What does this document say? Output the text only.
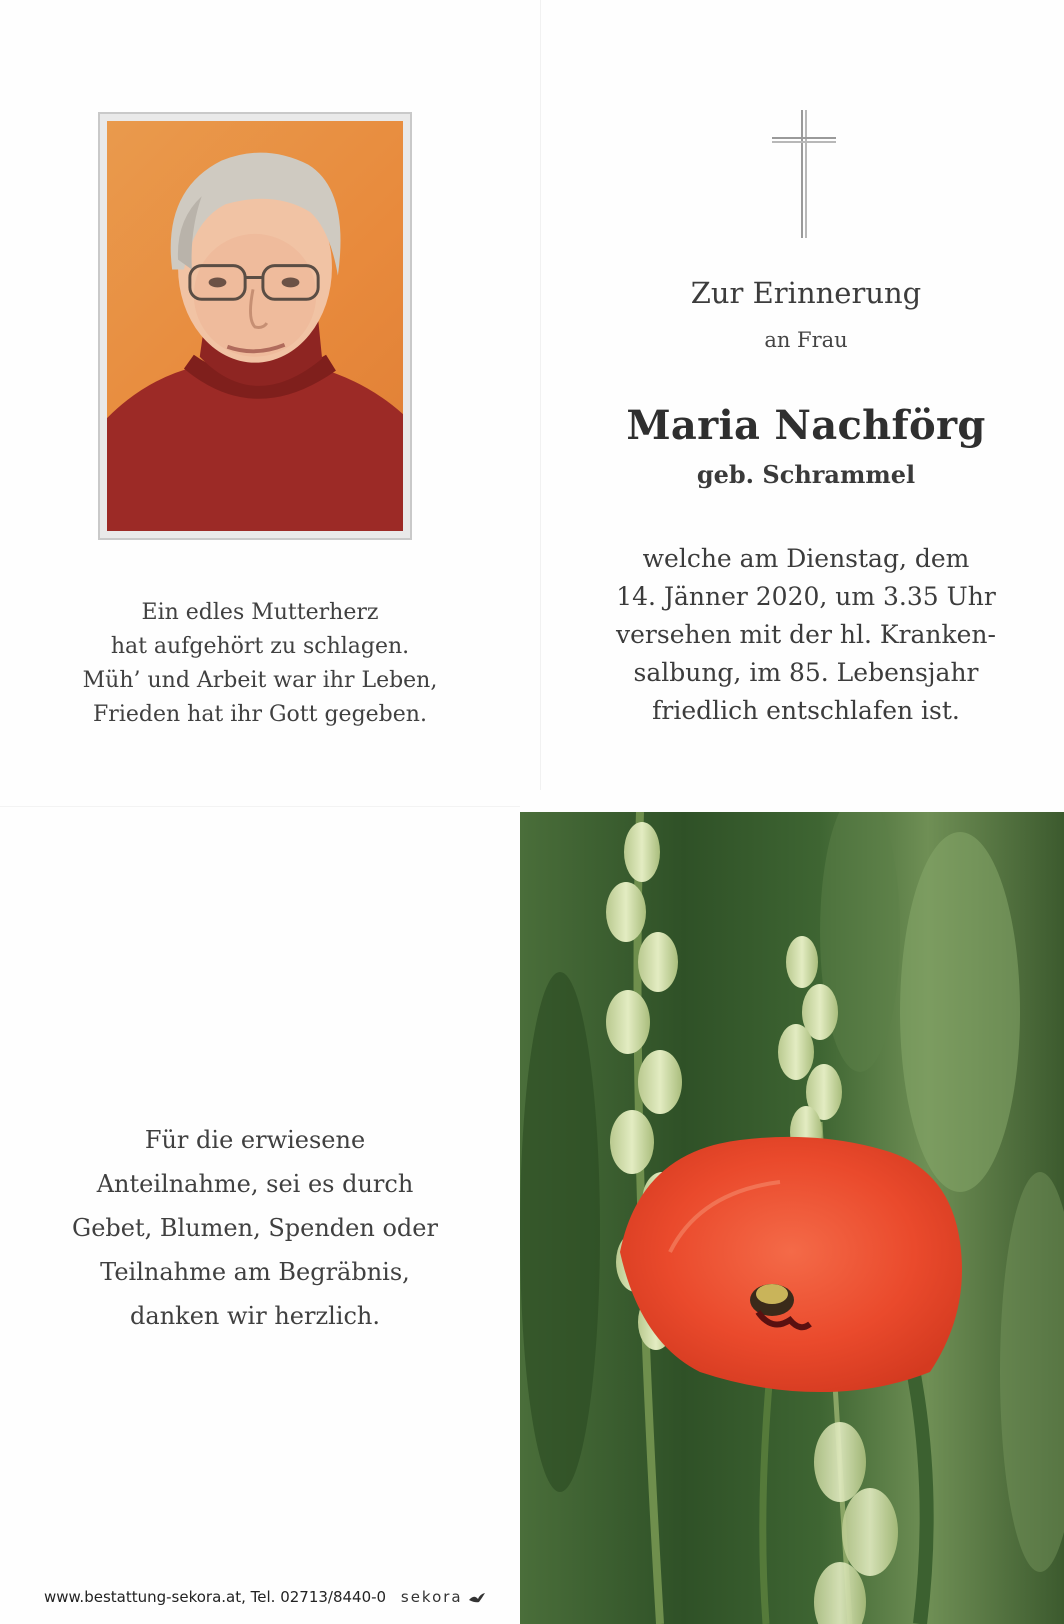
Ein edles Mutterherz
hat aufgehört zu schlagen.
Müh’ und Arbeit war ihr Leben,
Frieden hat ihr Gott gegeben.
Zur Erinnerung
an Frau
Maria Nachförg
geb. Schrammel
welche am Dienstag, dem
14. Jänner 2020, um 3.35 Uhr
versehen mit der hl. Kranken-
salbung, im 85. Lebensjahr
friedlich entschlafen ist.
Für die erwiesene
Anteilnahme, sei es durch
Gebet, Blumen, Spenden oder
Teilnahme am Begräbnis,
danken wir herzlich.
www.bestattung-sekora.at, Tel. 02713/8440-0 sekora
